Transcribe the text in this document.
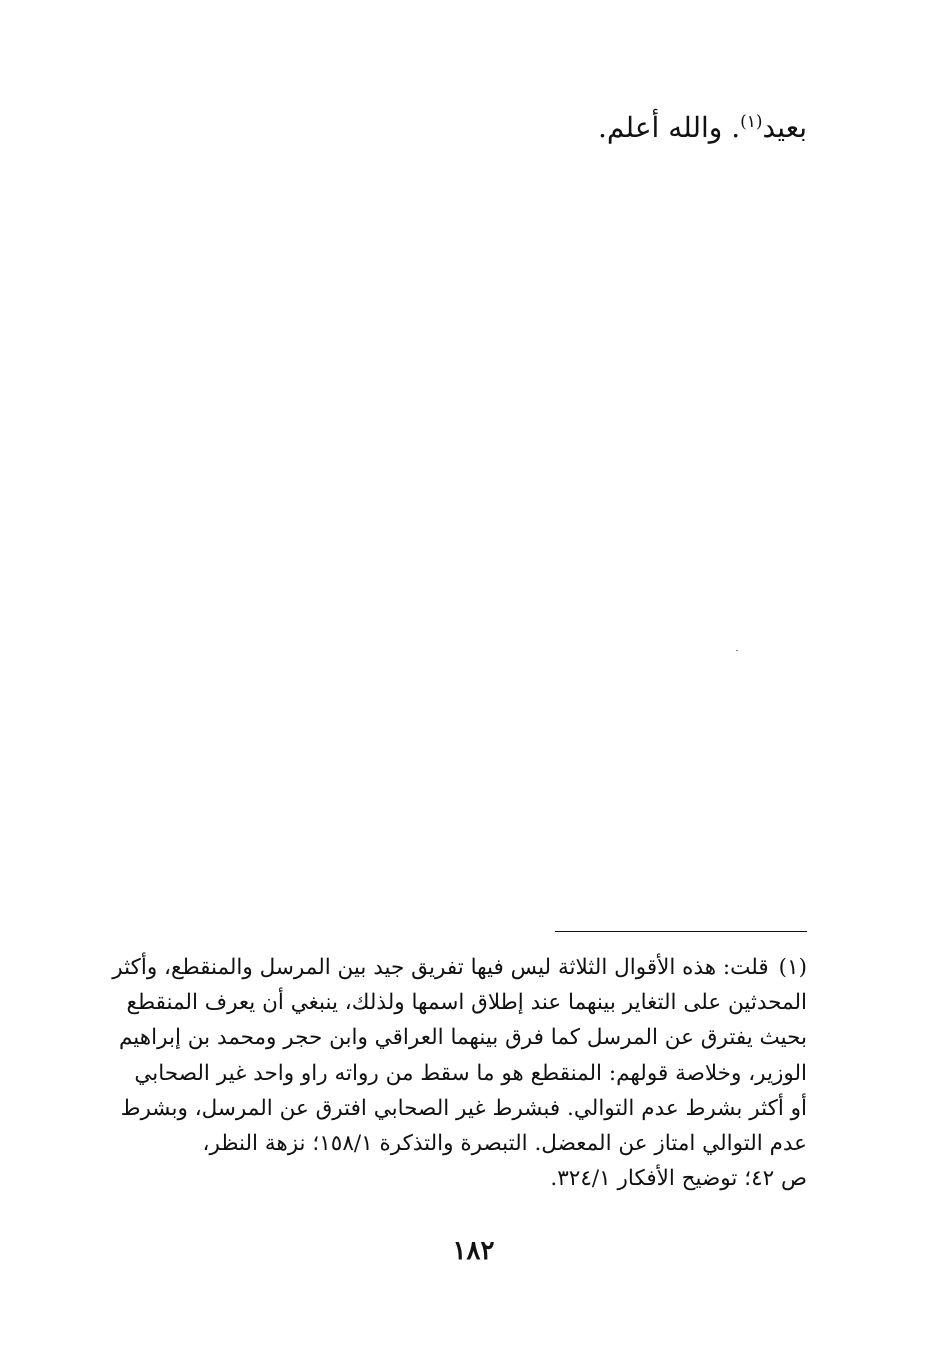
بعيد$^{(١)}$. والله أعلم.
(١)قلت: هذه الأقوال الثلاثة ليس فيها تفريق جيد بين المرسل والمنقطع، وأكثر
المحدثين على التغاير بينهما عند إطلاق اسمها ولذلك، ينبغي أن يعرف المنقطع
بحيث يفترق عن المرسل كما فرق بينهما العراقي وابن حجر ومحمد بن إبراهيم
الوزير، وخلاصة قولهم: المنقطع هو ما سقط من رواته راو واحد غير الصحابي
أو أكثر بشرط عدم التوالي. فبشرط غير الصحابي افترق عن المرسل، وبشرط
عدم التوالي امتاز عن المعضل. التبصرة والتذكرة ١٥٨/١؛ نزهة النظر،
ص ٤٢؛ توضيح الأفكار ٣٢٤/١.
١٨٢
